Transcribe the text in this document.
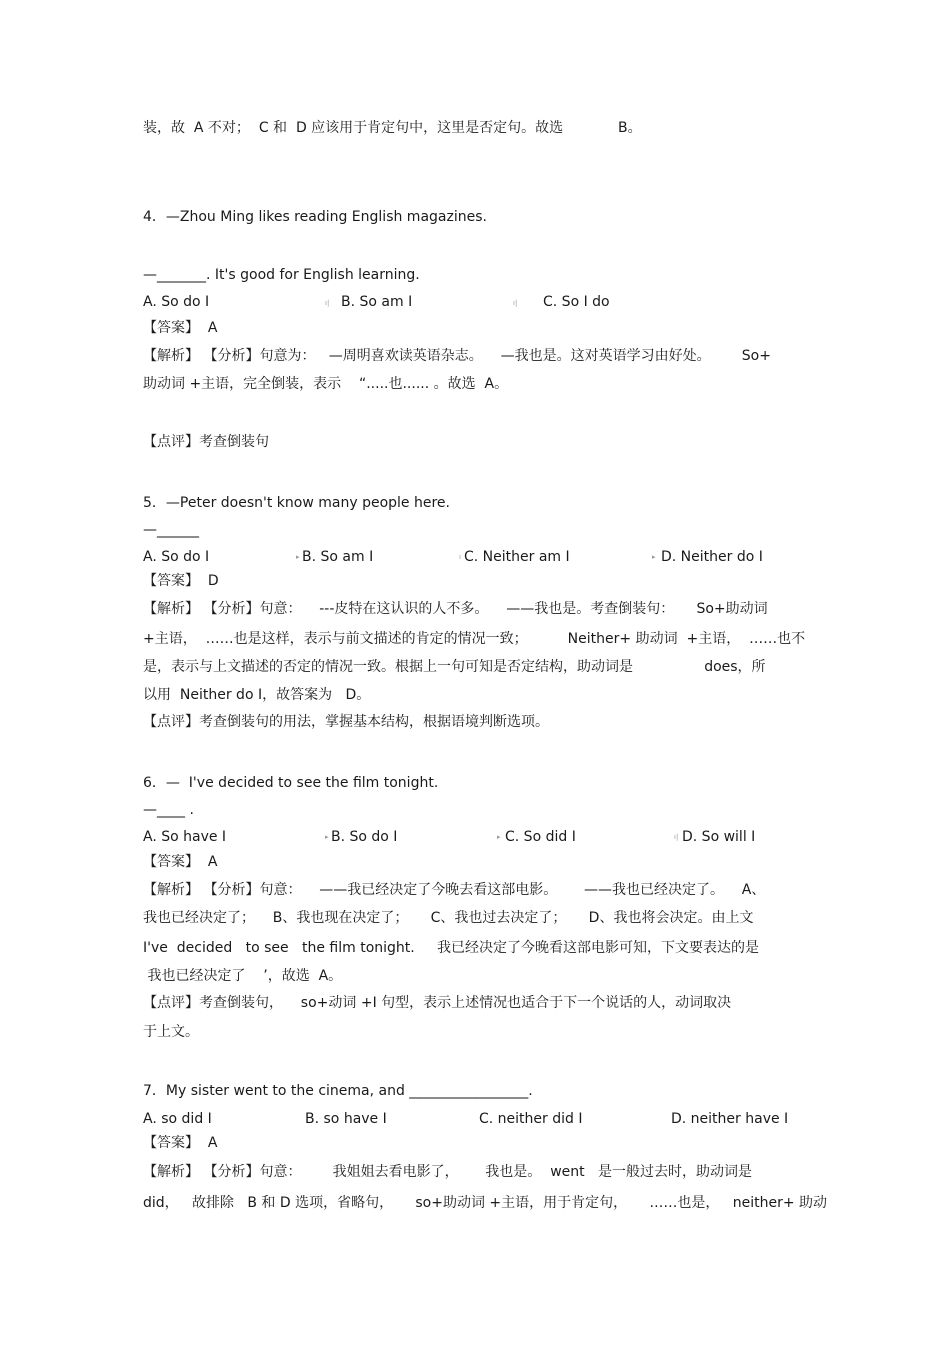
装，故  A 不对；  C 和  D 应该用于肯定句中，这里是否定句。故选	B。
4．—Zhou Ming likes reading English magazines.
—_______. It's good for English learning.
A. So do I	ı| B. So am I	ı| C. So I do
【答案】  A
【解析】 【分析】句意为：   —周明喜欢读英语杂志。    —我也是。这对英语学习由好处。       So+
助动词 +主语，完全倒装，表示    “.....也...... 。故选  A。
【点评】考查倒装句
5．—Peter doesn't know many people here.
—______
A. So do I	▸ B. So am I	ı C. Neither am I	▸ D. Neither do I
【答案】  D
【解析】 【分析】句意：    ---皮特在这认识的人不多。    ——我也是。考查倒装句：     So+助动词
+主语，  ……也是这样，表示与前文描述的肯定的情况一致；         Neither+ 助动词  +主语，  ……也不
是，表示与上文描述的否定的情况一致。根据上一句可知是否定结构，助动词是                does，所
以用  Neither do I，故答案为   D。
【点评】考查倒装句的用法，掌握基本结构，根据语境判断选项。
6．—  I've decided to see the film tonight.
—____ .
A. So have I	▸ B. So do I	▸ C. So did I	ı| D. So will I
【答案】  A
【解析】 【分析】句意：    ——我已经决定了今晚去看这部电影。      ——我也已经决定了。    A、
我也已经决定了；    B、我也现在决定了；     C、我也过去决定了；     D、我也将会决定。由上文
I've  decided   to see   the film tonight.     我已经决定了今晚看这部电影可知，下文要表达的是
我也已经决定了    ’，故选  A。
【点评】考查倒装句，    so+动词 +I 句型，表示上述情况也适合于下一个说话的人，动词取决
于上文。
7．My sister went to the cinema, and _________________.
A. so did I	B. so have I	C. neither did I	D. neither have I
【答案】  A
【解析】 【分析】句意：       我姐姐去看电影了，      我也是。  went   是一般过去时，助动词是
did，   故排除   B 和 D 选项，省略句，     so+助动词 +主语，用于肯定句，     ……也是，   neither+ 助动
